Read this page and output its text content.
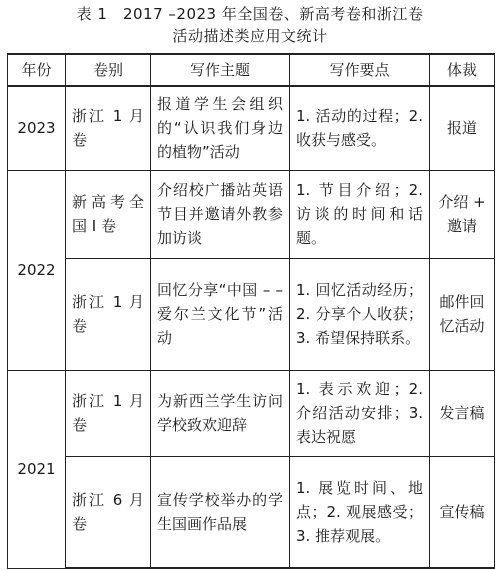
表 1　2017 –2023 年全国卷、新高考卷和浙江卷
活动描述类应用文统计
年份	卷别	写作主题	写作要点	体裁
2023	浙江 1 月卷	报道学生会组织的“认识我们身边的植物”活动	1. 活动的过程；2. 收获与感受。	报道
2022	新高考全国 I 卷	介绍校广播站英语节目并邀请外教参加访谈	1. 节目介绍；2. 访谈的时间和话题。	介绍 + 邀请
	浙江 1 月卷	回忆分享“中国 – –爱尔兰文化节”活动	1. 回忆活动经历；2. 分享个人收获；3. 希望保持联系。	邮件回忆活动
2021	浙江 1 月卷	为新西兰学生访问学校致欢迎辞	1. 表示欢迎；2. 介绍活动安排；3. 表达祝愿	发言稿
	浙江 6 月卷	宣传学校举办的学生国画作品展	1. 展览时间、地点；2. 观展感受；3. 推荐观展。	宣传稿
